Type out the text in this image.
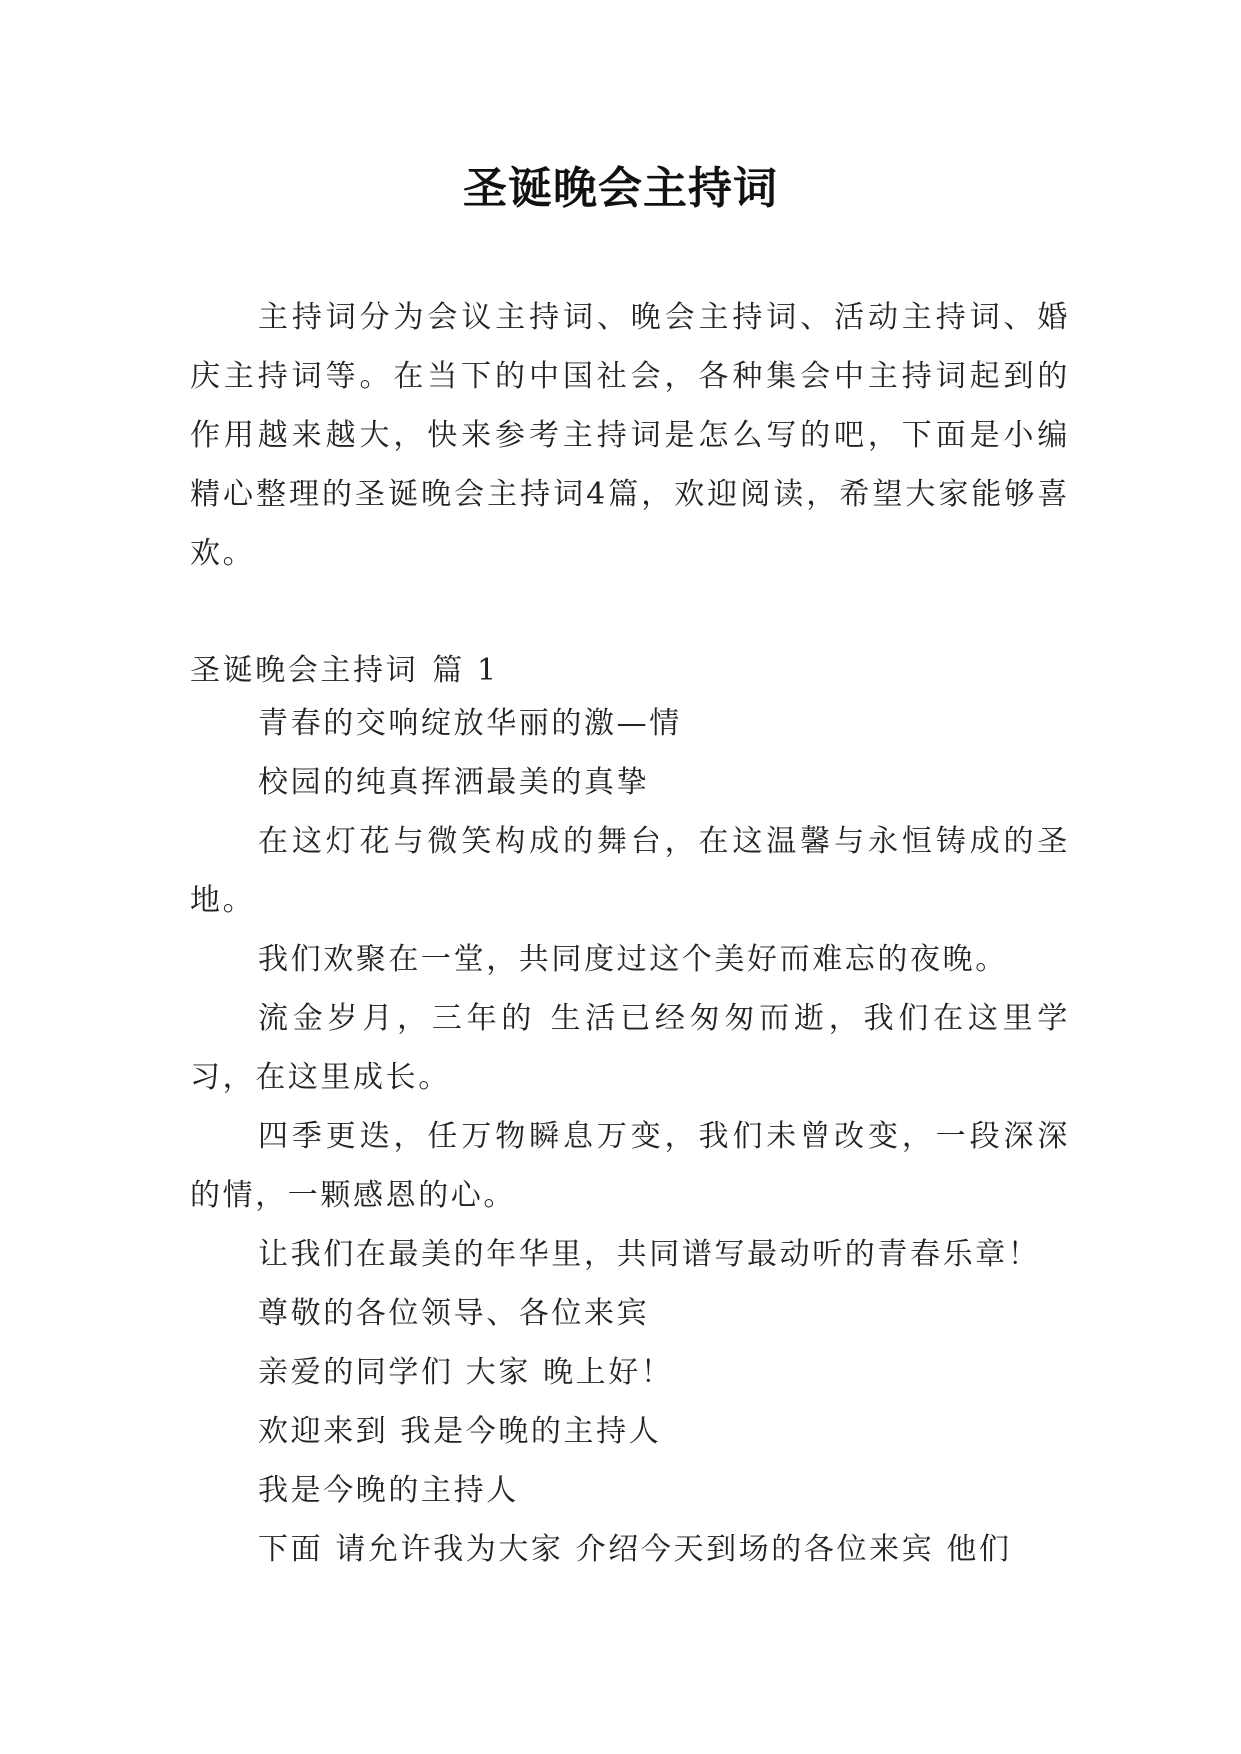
圣诞晚会主持词
主持词分为会议主持词、晚会主持词、活动主持词、婚庆主持词等。在当下的中国社会，各种集会中主持词起到的作用越来越大，快来参考主持词是怎么写的吧，下面是小编精心整理的圣诞晚会主持词4篇，欢迎阅读，希望大家能够喜欢。
圣诞晚会主持词 篇 1

青春的交响绽放华丽的激—情

校园的纯真挥洒最美的真挚

在这灯花与微笑构成的舞台，在这温馨与永恒铸成的圣地。

我们欢聚在一堂，共同度过这个美好而难忘的夜晚。

流金岁月，三年的 生活已经匆匆而逝，我们在这里学习，在这里成长。

四季更迭，任万物瞬息万变，我们未曾改变，一段深深的情，一颗感恩的心。

让我们在最美的年华里，共同谱写最动听的青春乐章！

尊敬的各位领导、各位来宾

亲爱的同学们 大家 晚上好！

欢迎来到 我是今晚的主持人

我是今晚的主持人

下面 请允许我为大家 介绍今天到场的各位来宾 他们
